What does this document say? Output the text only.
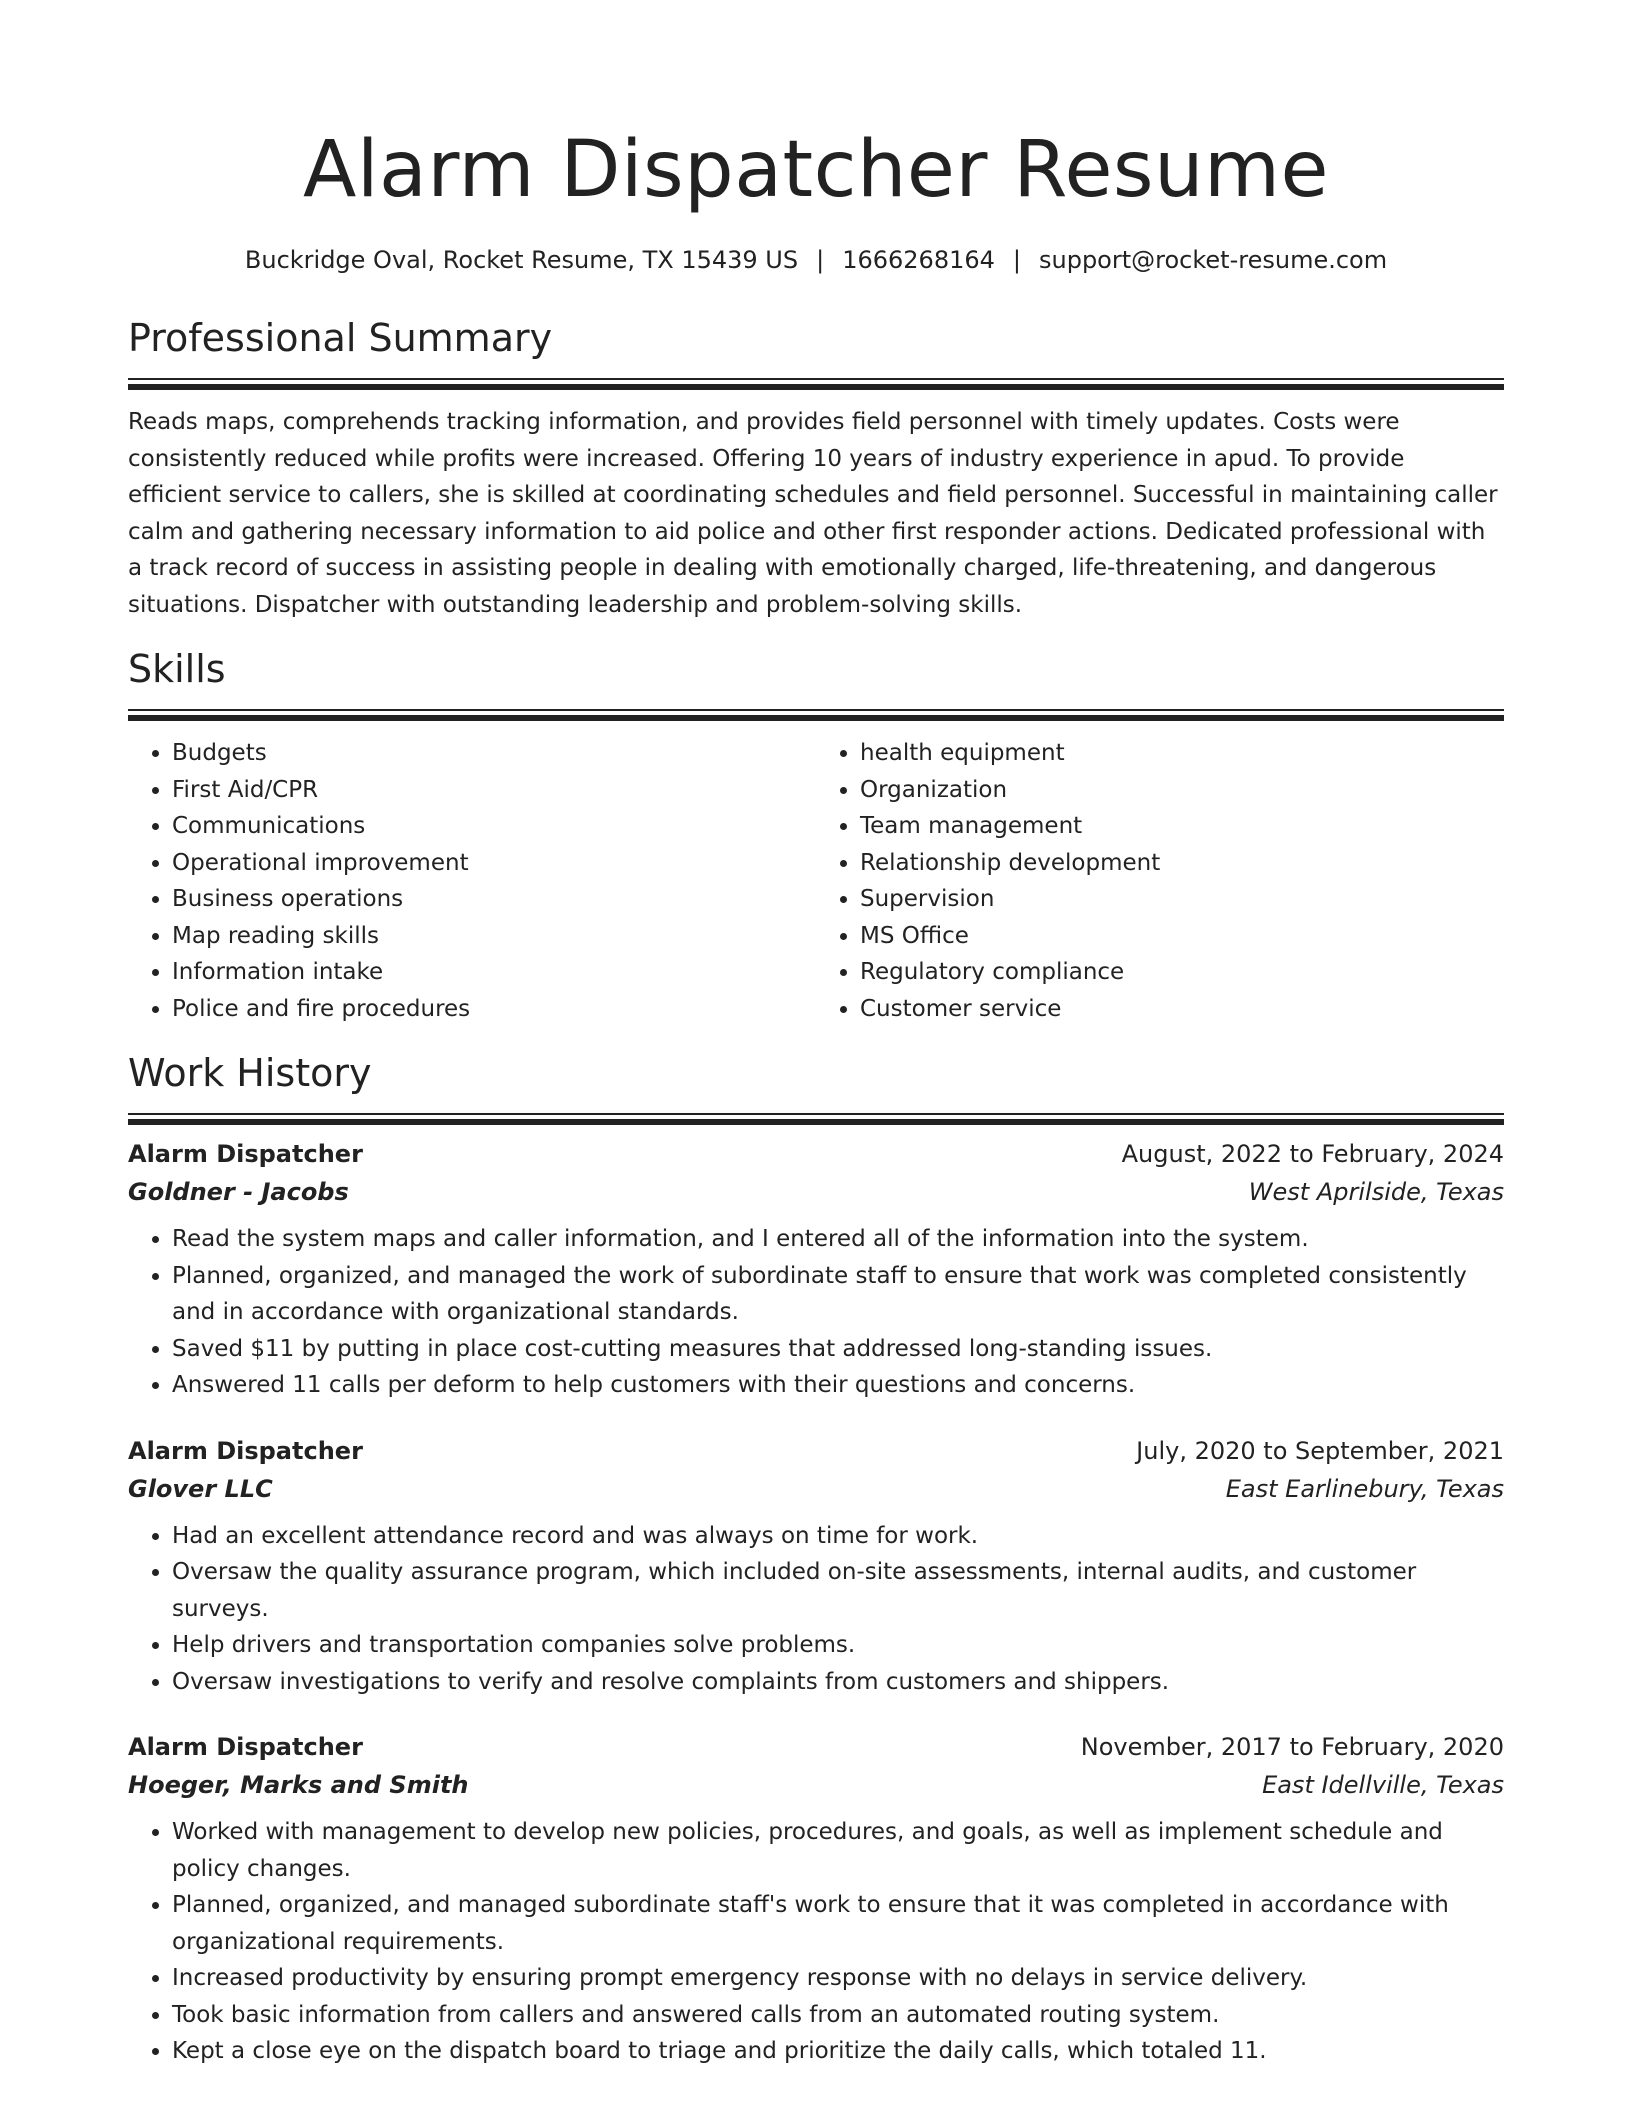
Alarm Dispatcher Resume
Buckridge Oval, Rocket Resume, TX 15439 US | 1666268164 | support@rocket-resume.com
Professional Summary
Reads maps, comprehends tracking information, and provides field personnel with timely updates. Costs were consistently reduced while profits were increased. Offering 10 years of industry experience in apud. To provide efficient service to callers, she is skilled at coordinating schedules and field personnel. Successful in maintaining caller calm and gathering necessary information to aid police and other first responder actions. Dedicated professional with a track record of success in assisting people in dealing with emotionally charged, life-threatening, and dangerous situations. Dispatcher with outstanding leadership and problem-solving skills.
Skills
• Budgets
• First Aid/CPR
• Communications
• Operational improvement
• Business operations
• Map reading skills
• Information intake
• Police and fire procedures
• health equipment
• Organization
• Team management
• Relationship development
• Supervision
• MS Office
• Regulatory compliance
• Customer service
Work History
Alarm Dispatcher	August, 2022 to February, 2024
Goldner - Jacobs	West Aprilside, Texas
• Read the system maps and caller information, and I entered all of the information into the system.
• Planned, organized, and managed the work of subordinate staff to ensure that work was completed consistently and in accordance with organizational standards.
• Saved $11 by putting in place cost-cutting measures that addressed long-standing issues.
• Answered 11 calls per deform to help customers with their questions and concerns.
Alarm Dispatcher	July, 2020 to September, 2021
Glover LLC	East Earlinebury, Texas
• Had an excellent attendance record and was always on time for work.
• Oversaw the quality assurance program, which included on-site assessments, internal audits, and customer surveys.
• Help drivers and transportation companies solve problems.
• Oversaw investigations to verify and resolve complaints from customers and shippers.
Alarm Dispatcher	November, 2017 to February, 2020
Hoeger, Marks and Smith	East Idellville, Texas
• Worked with management to develop new policies, procedures, and goals, as well as implement schedule and policy changes.
• Planned, organized, and managed subordinate staff's work to ensure that it was completed in accordance with organizational requirements.
• Increased productivity by ensuring prompt emergency response with no delays in service delivery.
• Took basic information from callers and answered calls from an automated routing system.
• Kept a close eye on the dispatch board to triage and prioritize the daily calls, which totaled 11.
